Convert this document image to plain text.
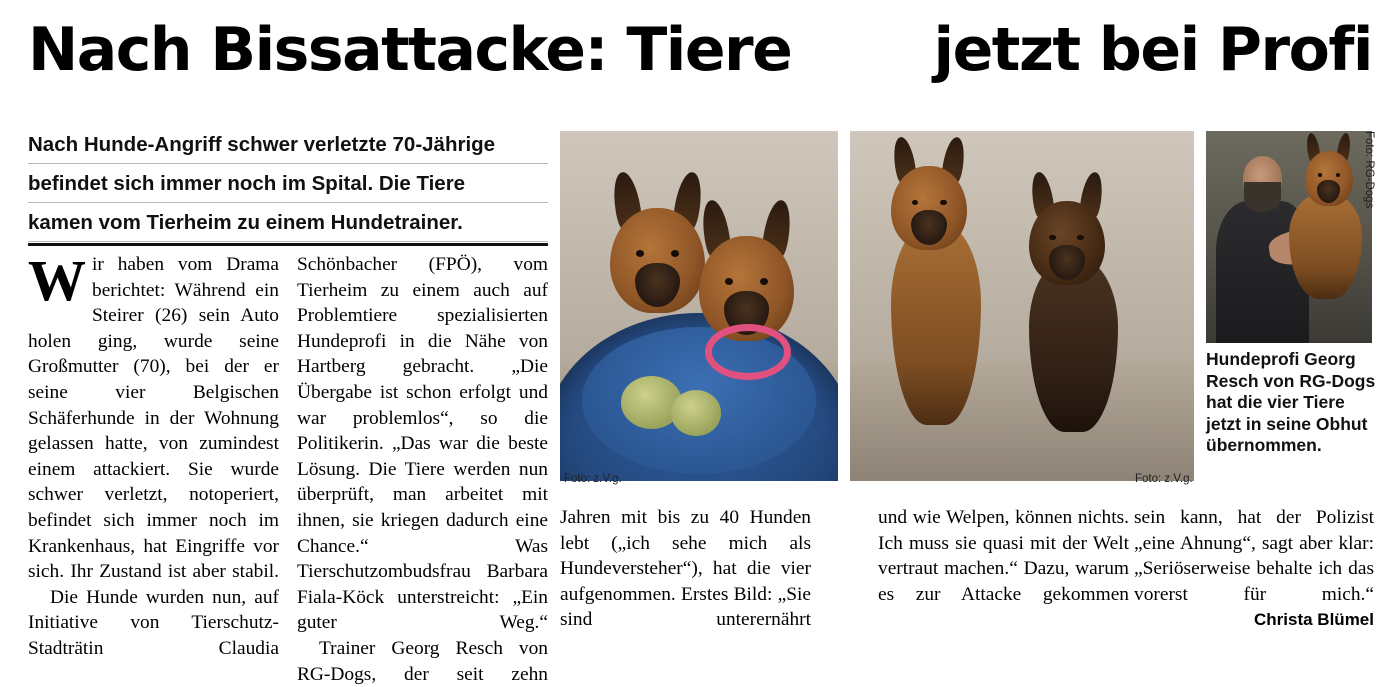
Nach Bissattacke: Tiere jetzt bei Profi
Nach Hunde-Angriff schwer verletzte 70-Jährige
befindet sich immer noch im Spital. Die Tiere
kamen vom Tierheim zu einem Hundetrainer.

Wir haben vom Drama berichtet: Während ein Steirer (26) sein Auto holen ging, wurde seine Großmutter (70), bei der er seine vier Belgischen Schäferhunde in der Wohnung gelassen hatte, von zumindest einem attackiert. Sie wurde schwer verletzt, notoperiert, befindet sich immer noch im Krankenhaus, hat Eingriffe vor sich. Ihr Zustand ist aber stabil.

Die Hunde wurden nun, auf Initiative von Tierschutz-Stadträtin Claudia

Schönbacher (FPÖ), vom Tierheim zu einem auch auf Problemtiere spezialisierten Hundeprofi in die Nähe von Hartberg gebracht. „Die Übergabe ist schon erfolgt und war problemlos“, so die Politikerin. „Das war die beste Lösung. Die Tiere werden nun überprüft, man arbeitet mit ihnen, sie kriegen dadurch eine Chance.“ Was Tierschutzombudsfrau Barbara Fiala-Köck unterstreicht: „Ein guter Weg.“

Trainer Georg Resch von RG-Dogs, der seit zehn

Foto: z.V.g.	Foto: z.V.g.
Foto: RG-Dogs
Hundeprofi Georg Resch von RG-Dogs hat die vier Tiere jetzt in seine Obhut übernommen.

Jahren mit bis zu 40 Hunden lebt („ich sehe mich als Hundeversteher“), hat die vier aufgenommen. Erstes Bild: „Sie sind unterernährt

und wie Welpen, können nichts. Ich muss sie quasi mit der Welt vertraut machen.“ Dazu, warum es zur Attacke gekommen

sein kann, hat der Polizist „eine Ahnung“, sagt aber klar: „Seriöserweise behalte ich das vorerst für mich.“

Christa Blümel
